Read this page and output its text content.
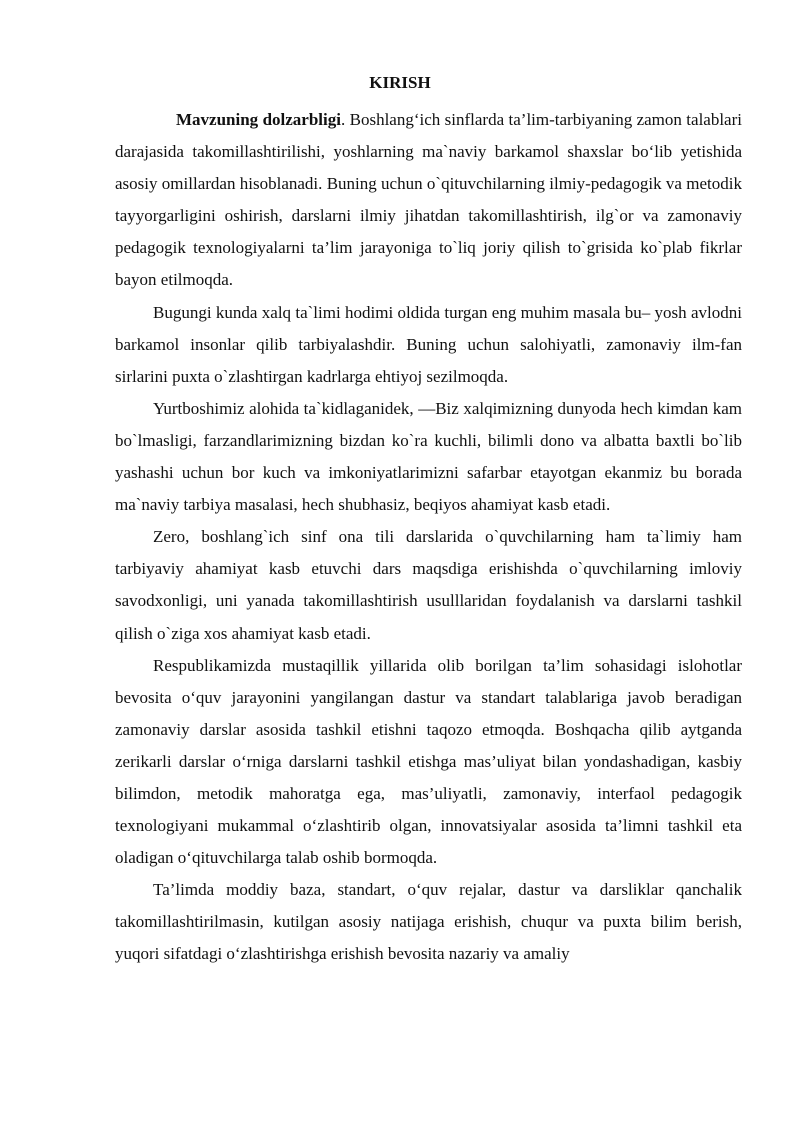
KIRISH

Mavzuning dolzarbligi. Boshlang‘ich sinflarda ta’lim-tarbiyaning zamon talablari darajasida takomillashtirilishi, yoshlarning ma`naviy barkamol shaxslar bo‘lib yetishida asosiy omillardan hisoblanadi. Buning uchun o`qituvchilarning ilmiy-pedagogik va metodik tayyorgarligini oshirish, darslarni ilmiy jihatdan takomillashtirish, ilg`or va zamonaviy pedagogik texnologiyalarni ta’lim jarayoniga to`liq joriy qilish to`grisida ko`plab fikrlar bayon etilmoqda.

Bugungi kunda xalq ta`limi hodimi oldida turgan eng muhim masala bu– yosh avlodni barkamol insonlar qilib tarbiyalashdir. Buning uchun salohiyatli, zamonaviy ilm-fan sirlarini puxta o`zlashtirgan kadrlarga ehtiyoj sezilmoqda.

Yurtboshimiz alohida ta`kidlaganidek, ―Biz xalqimizning dunyoda hech kimdan kam bo`lmasligi, farzandlarimizning bizdan ko`ra kuchli, bilimli dono va albatta baxtli bo`lib yashashi uchun bor kuch va imkoniyatlarimizni safarbar etayotgan ekanmiz bu borada ma`naviy tarbiya masalasi, hech shubhasiz, beqiyos ahamiyat kasb etadi.

Zero, boshlang`ich sinf ona tili darslarida o`quvchilarning ham ta`limiy ham tarbiyaviy ahamiyat kasb etuvchi dars maqsdiga erishishda o`quvchilarning imloviy savodxonligi, uni yanada takomillashtirish usulllaridan foydalanish va darslarni tashkil qilish o`ziga xos ahamiyat kasb etadi.

Respublikamizda mustaqillik yillarida olib borilgan ta’lim sohasidagi islohotlar bevosita o‘quv jarayonini yangilangan dastur va standart talablariga javob beradigan zamonaviy darslar asosida tashkil etishni taqozo etmoqda. Boshqacha qilib aytganda zerikarli darslar o‘rniga darslarni tashkil etishga mas’uliyat bilan yondashadigan, kasbiy bilimdon, metodik mahoratga ega, mas’uliyatli, zamonaviy, interfaol pedagogik texnologiyani mukammal o‘zlashtirib olgan, innovatsiyalar asosida ta’limni tashkil eta oladigan o‘qituvchilarga talab oshib bormoqda.

Ta’limda moddiy baza, standart, o‘quv rejalar, dastur va darsliklar qanchalik takomillashtirilmasin, kutilgan asosiy natijaga erishish, chuqur va puxta bilim berish, yuqori sifatdagi o‘zlashtirishga erishish bevosita nazariy va amaliy
